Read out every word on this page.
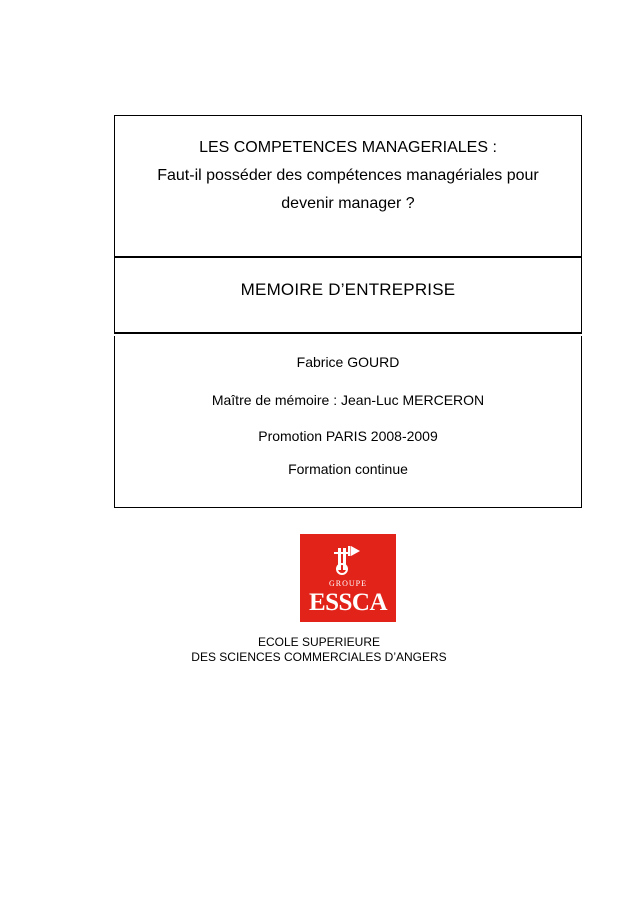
LES COMPETENCES MANAGERIALES :
Faut-il posséder des compétences managériales pour
devenir manager ?
MEMOIRE D’ENTREPRISE
Fabrice GOURD
Maître de mémoire : Jean-Luc MERCERON
Promotion PARIS 2008-2009
Formation continue
GROUPE
ESSCA
ECOLE SUPERIEURE
DES SCIENCES COMMERCIALES D’ANGERS
